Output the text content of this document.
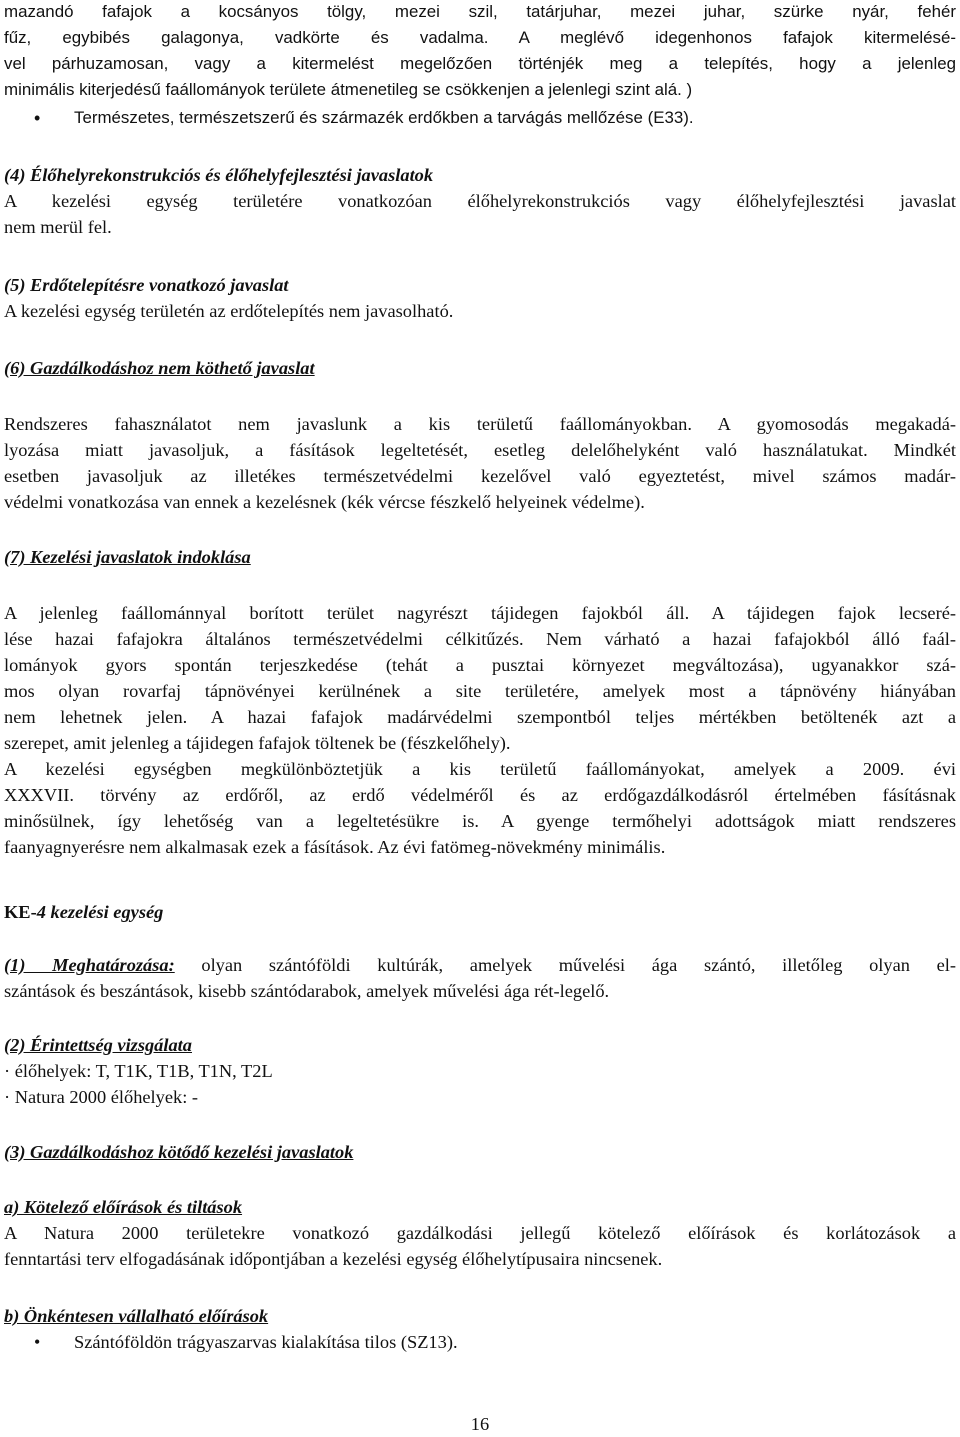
mazandó fafajok a kocsányos tölgy, mezei szil, tatárjuhar, mezei juhar, szürke nyár, fehér
fűz, egybibés galagonya, vadkörte és vadalma. A meglévő idegenhonos fafajok kitermelésé-
vel párhuzamosan, vagy a kitermelést megelőzően történjék meg a telepítés, hogy a jelenleg
minimális kiterjedésű faállományok területe átmenetileg se csökkenjen a jelenlegi szint alá. )
• Természetes, természetszerű és származék erdőkben a tarvágás mellőzése (E33).
(4) Élőhelyrekonstrukciós és élőhelyfejlesztési javaslatok
A kezelési egység területére vonatkozóan élőhelyrekonstrukciós vagy élőhelyfejlesztési javaslat
nem merül fel.
(5) Erdőtelepítésre vonatkozó javaslat
A kezelési egység területén az erdőtelepítés nem javasolható.
(6) Gazdálkodáshoz nem köthető javaslat
Rendszeres fahasználatot nem javaslunk a kis területű faállományokban. A gyomosodás megakadá-
lyozása miatt javasoljuk, a fásítások legeltetését, esetleg delelőhelyként való használatukat. Mindkét
esetben javasoljuk az illetékes természetvédelmi kezelővel való egyeztetést, mivel számos madár-
védelmi vonatkozása van ennek a kezelésnek (kék vércse fészkelő helyeinek védelme).
(7) Kezelési javaslatok indoklása
A jelenleg faállománnyal borított terület nagyrészt tájidegen fajokból áll. A tájidegen fajok lecseré-
lése hazai fafajokra általános természetvédelmi célkitűzés. Nem várható a hazai fafajokból álló faál-
lományok gyors spontán terjeszkedése (tehát a pusztai környezet megváltozása), ugyanakkor szá-
mos olyan rovarfaj tápnövényei kerülnének a site területére, amelyek most a tápnövény hiányában
nem lehetnek jelen. A hazai fafajok madárvédelmi szempontból teljes mértékben betöltenék azt a
szerepet, amit jelenleg a tájidegen fafajok töltenek be (fészkelőhely).
A kezelési egységben megkülönböztetjük a kis területű faállományokat, amelyek a 2009. évi
XXXVII. törvény az erdőről, az erdő védelméről és az erdőgazdálkodásról értelmében fásításnak
minősülnek, így lehetőség van a legeltetésükre is. A gyenge termőhelyi adottságok miatt rendszeres
faanyagnyerésre nem alkalmasak ezek a fásítások. Az évi fatömeg-növekmény minimális.
KE-4 kezelési egység
(1) Meghatározása: olyan szántóföldi kultúrák, amelyek művelési ága szántó, illetőleg olyan el-
szántások és beszántások, kisebb szántódarabok, amelyek művelési ága rét-legelő.
(2) Érintettség vizsgálata
· élőhelyek: T, T1K, T1B, T1N, T2L
· Natura 2000 élőhelyek: -
(3) Gazdálkodáshoz kötődő kezelési javaslatok
a) Kötelező előírások és tiltások
A Natura 2000 területekre vonatkozó gazdálkodási jellegű kötelező előírások és korlátozások a
fenntartási terv elfogadásának időpontjában a kezelési egység élőhelytípusaira nincsenek.
b) Önkéntesen vállalható előírások
• Szántóföldön trágyaszarvas kialakítása tilos (SZ13).
16
